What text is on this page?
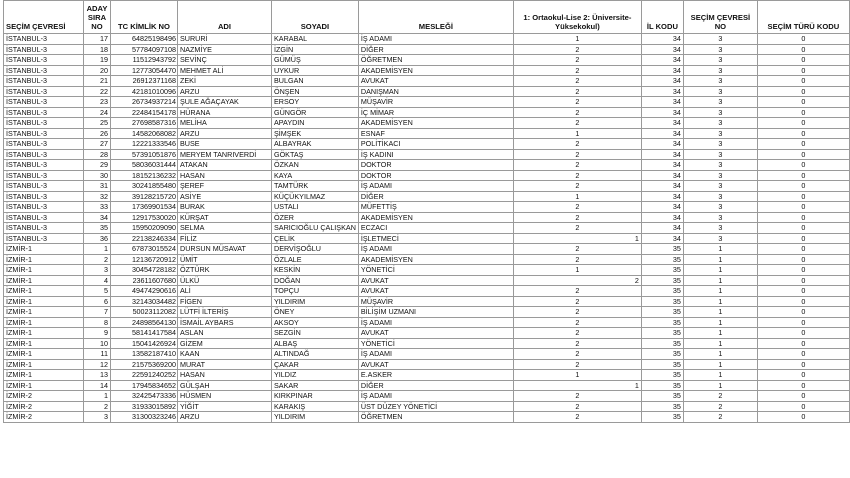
SEÇİM ÇEVRESİ	ADAY SIRA NO	TC KİMLİK NO	ADI	SOYADI	MESLEĞİ	1: Ortaokul-Lise 2: Üniversite-Yüksekokul)	İL KODU	SEÇİM ÇEVRESİ NO	SEÇİM TÜRÜ KODU
İSTANBUL-3	17	64825198496	SURURİ	KARABAL	İŞ ADAMI	1	34	3	0
İSTANBUL-3	18	57784097108	NAZMİYE	İZGİN	DİĞER	2	34	3	0
İSTANBUL-3	19	11512943792	SEVİNÇ	GÜMÜŞ	ÖĞRETMEN	2	34	3	0
İSTANBUL-3	20	12773054470	MEHMET ALİ	UYKUR	AKADEMİSYEN	2	34	3	0
İSTANBUL-3	21	26912371168	ZEKİ	BULGAN	AVUKAT	2	34	3	0
İSTANBUL-3	22	42181010096	ARZU	ÖNŞEN	DANIŞMAN	2	34	3	0
İSTANBUL-3	23	26734937214	ŞULE AĞAÇAYAK	ERSOY	MÜŞAVİR	2	34	3	0
İSTANBUL-3	24	22484154178	HÜRANA	GÜNGÖR	İÇ MİMAR	2	34	3	0
İSTANBUL-3	25	27698587316	MELİHA	APAYDIN	AKADEMİSYEN	2	34	3	0
İSTANBUL-3	26	14582068082	ARZU	ŞİMŞEK	ESNAF	1	34	3	0
İSTANBUL-3	27	12221333546	BUSE	ALBAYRAK	POLİTİKACI	2	34	3	0
İSTANBUL-3	28	57391051876	MERYEM TANRIVERDİ	GÖKTAŞ	İŞ KADINI	2	34	3	0
İSTANBUL-3	29	58036031444	ATAKAN	ÖZKAN	DOKTOR	2	34	3	0
İSTANBUL-3	30	18152136232	HASAN	KAYA	DOKTOR	2	34	3	0
İSTANBUL-3	31	30241855480	ŞEREF	TAMTÜRK	İŞ ADAMI	2	34	3	0
İSTANBUL-3	32	39128215720	ASİYE	KÜÇÜKYILMAZ	DİĞER	1	34	3	0
İSTANBUL-3	33	17369901534	BURAK	USTALI	MÜFETTİŞ	2	34	3	0
İSTANBUL-3	34	12917530020	KÜRŞAT	ÖZER	AKADEMİSYEN	2	34	3	0
İSTANBUL-3	35	15950209090	SELMA	SARICIOĞLU ÇALIŞKAN	ECZACI	2	34	3	0
İSTANBUL-3	36	22138246334	FİLİZ	ÇELİK	İŞLETMECİ	1	34	3	0
İZMİR-1	1	67873015524	DURSUN MÜSAVAT	DERVİŞOĞLU	İŞ ADAMI	2	35	1	0
İZMİR-1	2	12136720912	ÜMİT	ÖZLALE	AKADEMİSYEN	2	35	1	0
İZMİR-1	3	30454728182	ÖZTÜRK	KESKİN	YÖNETİCİ	1	35	1	0
İZMİR-1	4	23611607680	ÜLKÜ	DOĞAN	AVUKAT	2	35	1	0
İZMİR-1	5	49474290616	ALİ	TOPÇU	AVUKAT	2	35	1	0
İZMİR-1	6	32143034482	FİGEN	YILDIRIM	MÜŞAVİR	2	35	1	0
İZMİR-1	7	50023112082	LÜTFİ İLTERİŞ	ÖNEY	BİLİŞİM UZMANI	2	35	1	0
İZMİR-1	8	24898564130	İSMAİL AYBARS	AKSOY	İŞ ADAMI	2	35	1	0
İZMİR-1	9	58141417584	ASLAN	SEZGİN	AVUKAT	2	35	1	0
İZMİR-1	10	15041426924	GİZEM	ALBAŞ	YÖNETİCİ	2	35	1	0
İZMİR-1	11	13582187410	KAAN	ALTINDAĞ	İŞ ADAMI	2	35	1	0
İZMİR-1	12	21575369200	MURAT	ÇAKAR	AVUKAT	2	35	1	0
İZMİR-1	13	22591240252	HASAN	YILDIZ	E.ASKER	1	35	1	0
İZMİR-1	14	17945834652	GÜLŞAH	SAKAR	DİĞER	1	35	1	0
İZMİR-2	1	32425473336	HÜSMEN	KIRKPINAR	İŞ ADAMI	2	35	2	0
İZMİR-2	2	31933015892	YİĞİT	KARAKIŞ	ÜST DÜZEY YÖNETİCİ	2	35	2	0
İZMİR-2	3	31300323246	ARZU	YILDIRIM	ÖĞRETMEN	2	35	2	0
